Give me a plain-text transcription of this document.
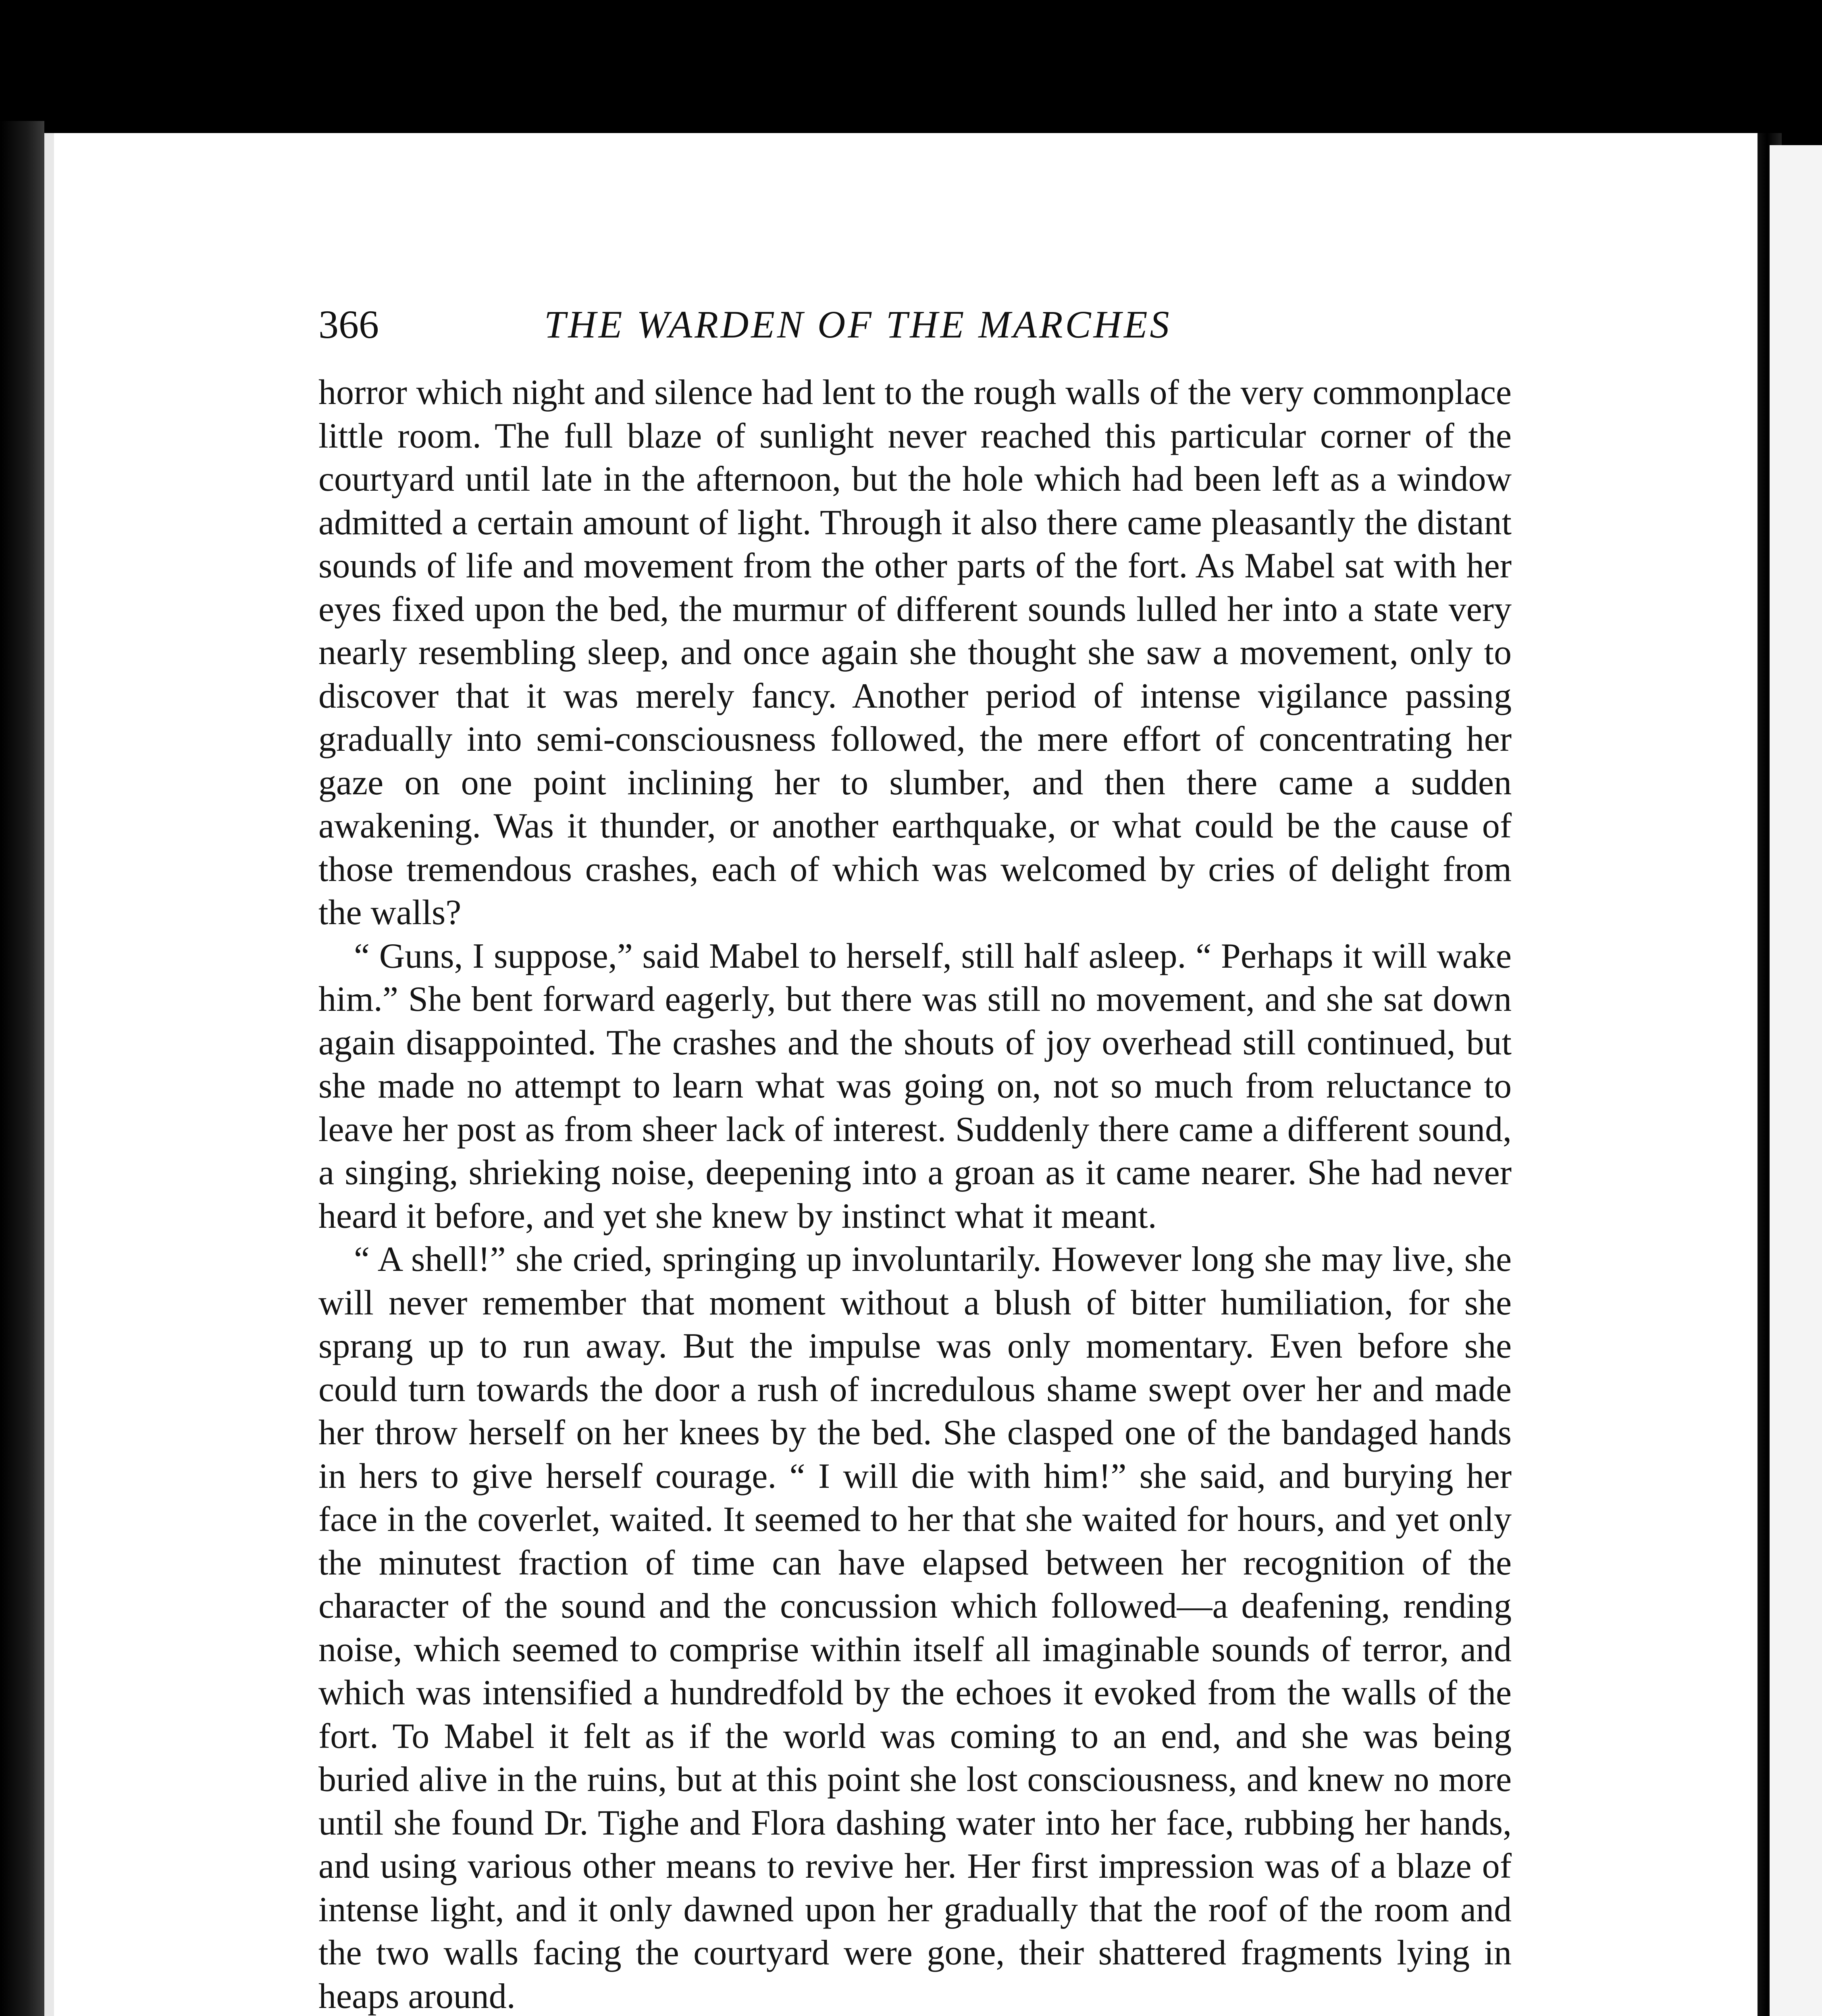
366	THE WARDEN OF THE MARCHES

horror which night and silence had lent to the rough walls of the very commonplace little room. The full blaze of sunlight never reached this particular corner of the courtyard until late in the afternoon, but the hole which had been left as a window admitted a certain amount of light. Through it also there came pleasantly the distant sounds of life and movement from the other parts of the fort. As Mabel sat with her eyes fixed upon the bed, the murmur of different sounds lulled her into a state very nearly resembling sleep, and once again she thought she saw a movement, only to discover that it was merely fancy. Another period of intense vigilance passing gradually into semi-consciousness followed, the mere effort of concentrating her gaze on one point inclining her to slumber, and then there came a sudden awakening. Was it thunder, or another earthquake, or what could be the cause of those tremendous crashes, each of which was welcomed by cries of delight from the walls?

“ Guns, I suppose,” said Mabel to herself, still half asleep. “ Perhaps it will wake him.” She bent forward eagerly, but there was still no movement, and she sat down again disappointed. The crashes and the shouts of joy overhead still continued, but she made no attempt to learn what was going on, not so much from reluctance to leave her post as from sheer lack of interest. Suddenly there came a different sound, a singing, shrieking noise, deepening into a groan as it came nearer. She had never heard it before, and yet she knew by instinct what it meant.

“ A shell!” she cried, springing up involuntarily. However long she may live, she will never remember that moment without a blush of bitter humiliation, for she sprang up to run away. But the impulse was only momentary. Even before she could turn towards the door a rush of incredulous shame swept over her and made her throw herself on her knees by the bed. She clasped one of the bandaged hands in hers to give herself courage. “ I will die with him!” she said, and burying her face in the coverlet, waited. It seemed to her that she waited for hours, and yet only the minutest fraction of time can have elapsed between her recognition of the character of the sound and the concussion which followed—a deafening, rending noise, which seemed to comprise within itself all imaginable sounds of terror, and which was intensified a hundredfold by the echoes it evoked from the walls of the fort. To Mabel it felt as if the world was coming to an end, and she was being buried alive in the ruins, but at this point she lost consciousness, and knew no more until she found Dr. Tighe and Flora dashing water into her face, rubbing her hands, and using various other means to revive her. Her first impression was of a blaze of intense light, and it only dawned upon her gradually that the roof of the room and the two walls facing the courtyard were gone, their shattered fragments lying in heaps around.
